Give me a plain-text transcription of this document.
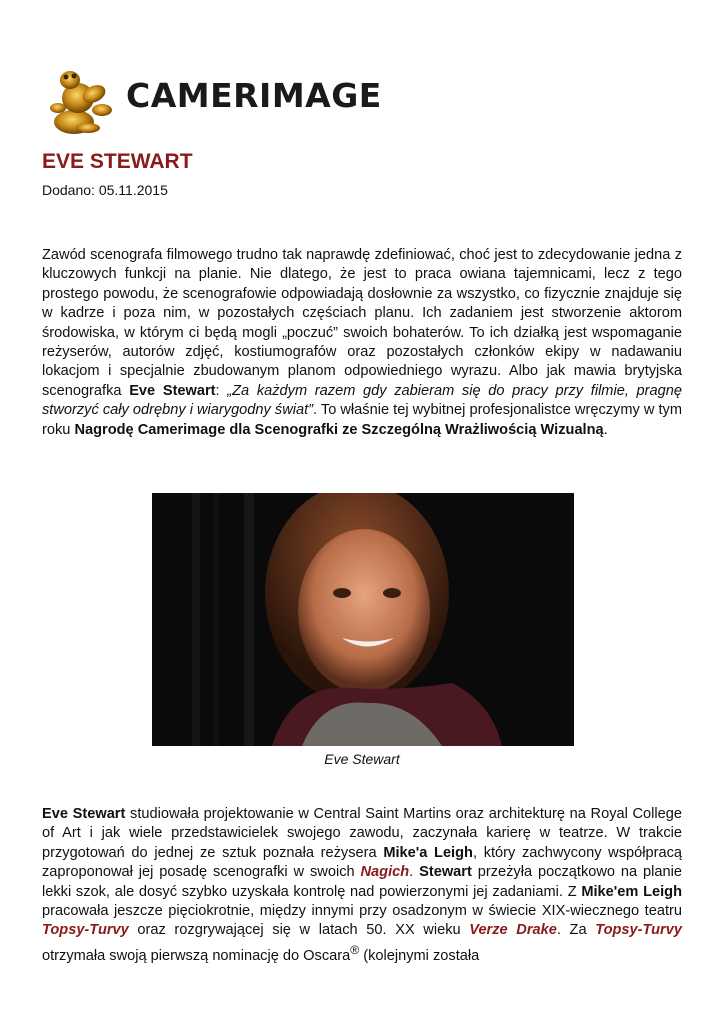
CAMERIMAGE
EVE STEWART
Dodano: 05.11.2015

Zawód scenografa filmowego trudno tak naprawdę zdefiniować, choć jest to zdecydowanie jedna z kluczowych funkcji na planie. Nie dlatego, że jest to praca owiana tajemnicami, lecz z tego prostego powodu, że scenografowie odpowiadają dosłownie za wszystko, co fizycznie znajduje się w kadrze i poza nim, w pozostałych częściach planu. Ich zadaniem jest stworzenie aktorom środowiska, w którym ci będą mogli „poczuć” swoich bohaterów. To ich działką jest wspomaganie reżyserów, autorów zdjęć, kostiumografów oraz pozostałych członków ekipy w nadawaniu lokacjom i specjalnie zbudowanym planom odpowiedniego wyrazu. Albo jak mawia brytyjska scenografka Eve Stewart: „Za każdym razem gdy zabieram się do pracy przy filmie, pragnę stworzyć cały odrębny i wiarygodny świat”. To właśnie tej wybitnej profesjonalistce wręczymy w tym roku Nagrodę Camerimage dla Scenografki ze Szczególną Wrażliwością Wizualną.

Eve Stewart

Eve Stewart studiowała projektowanie w Central Saint Martins oraz architekturę na Royal College of Art i jak wiele przedstawicielek swojego zawodu, zaczynała karierę w teatrze. W trakcie przygotowań do jednej ze sztuk poznała reżysera Mike'a Leigh, który zachwycony współpracą zaproponował jej posadę scenografki w swoich Nagich. Stewart przeżyła początkowo na planie lekki szok, ale dosyć szybko uzyskała kontrolę nad powierzonymi jej zadaniami. Z Mike'em Leigh pracowała jeszcze pięciokrotnie, między innymi przy osadzonym w świecie XIX-wiecznego teatru Topsy-Turvy oraz rozgrywającej się w latach 50. XX wieku Verze Drake. Za Topsy-Turvy otrzymała swoją pierwszą nominację do Oscara® (kolejnymi została
